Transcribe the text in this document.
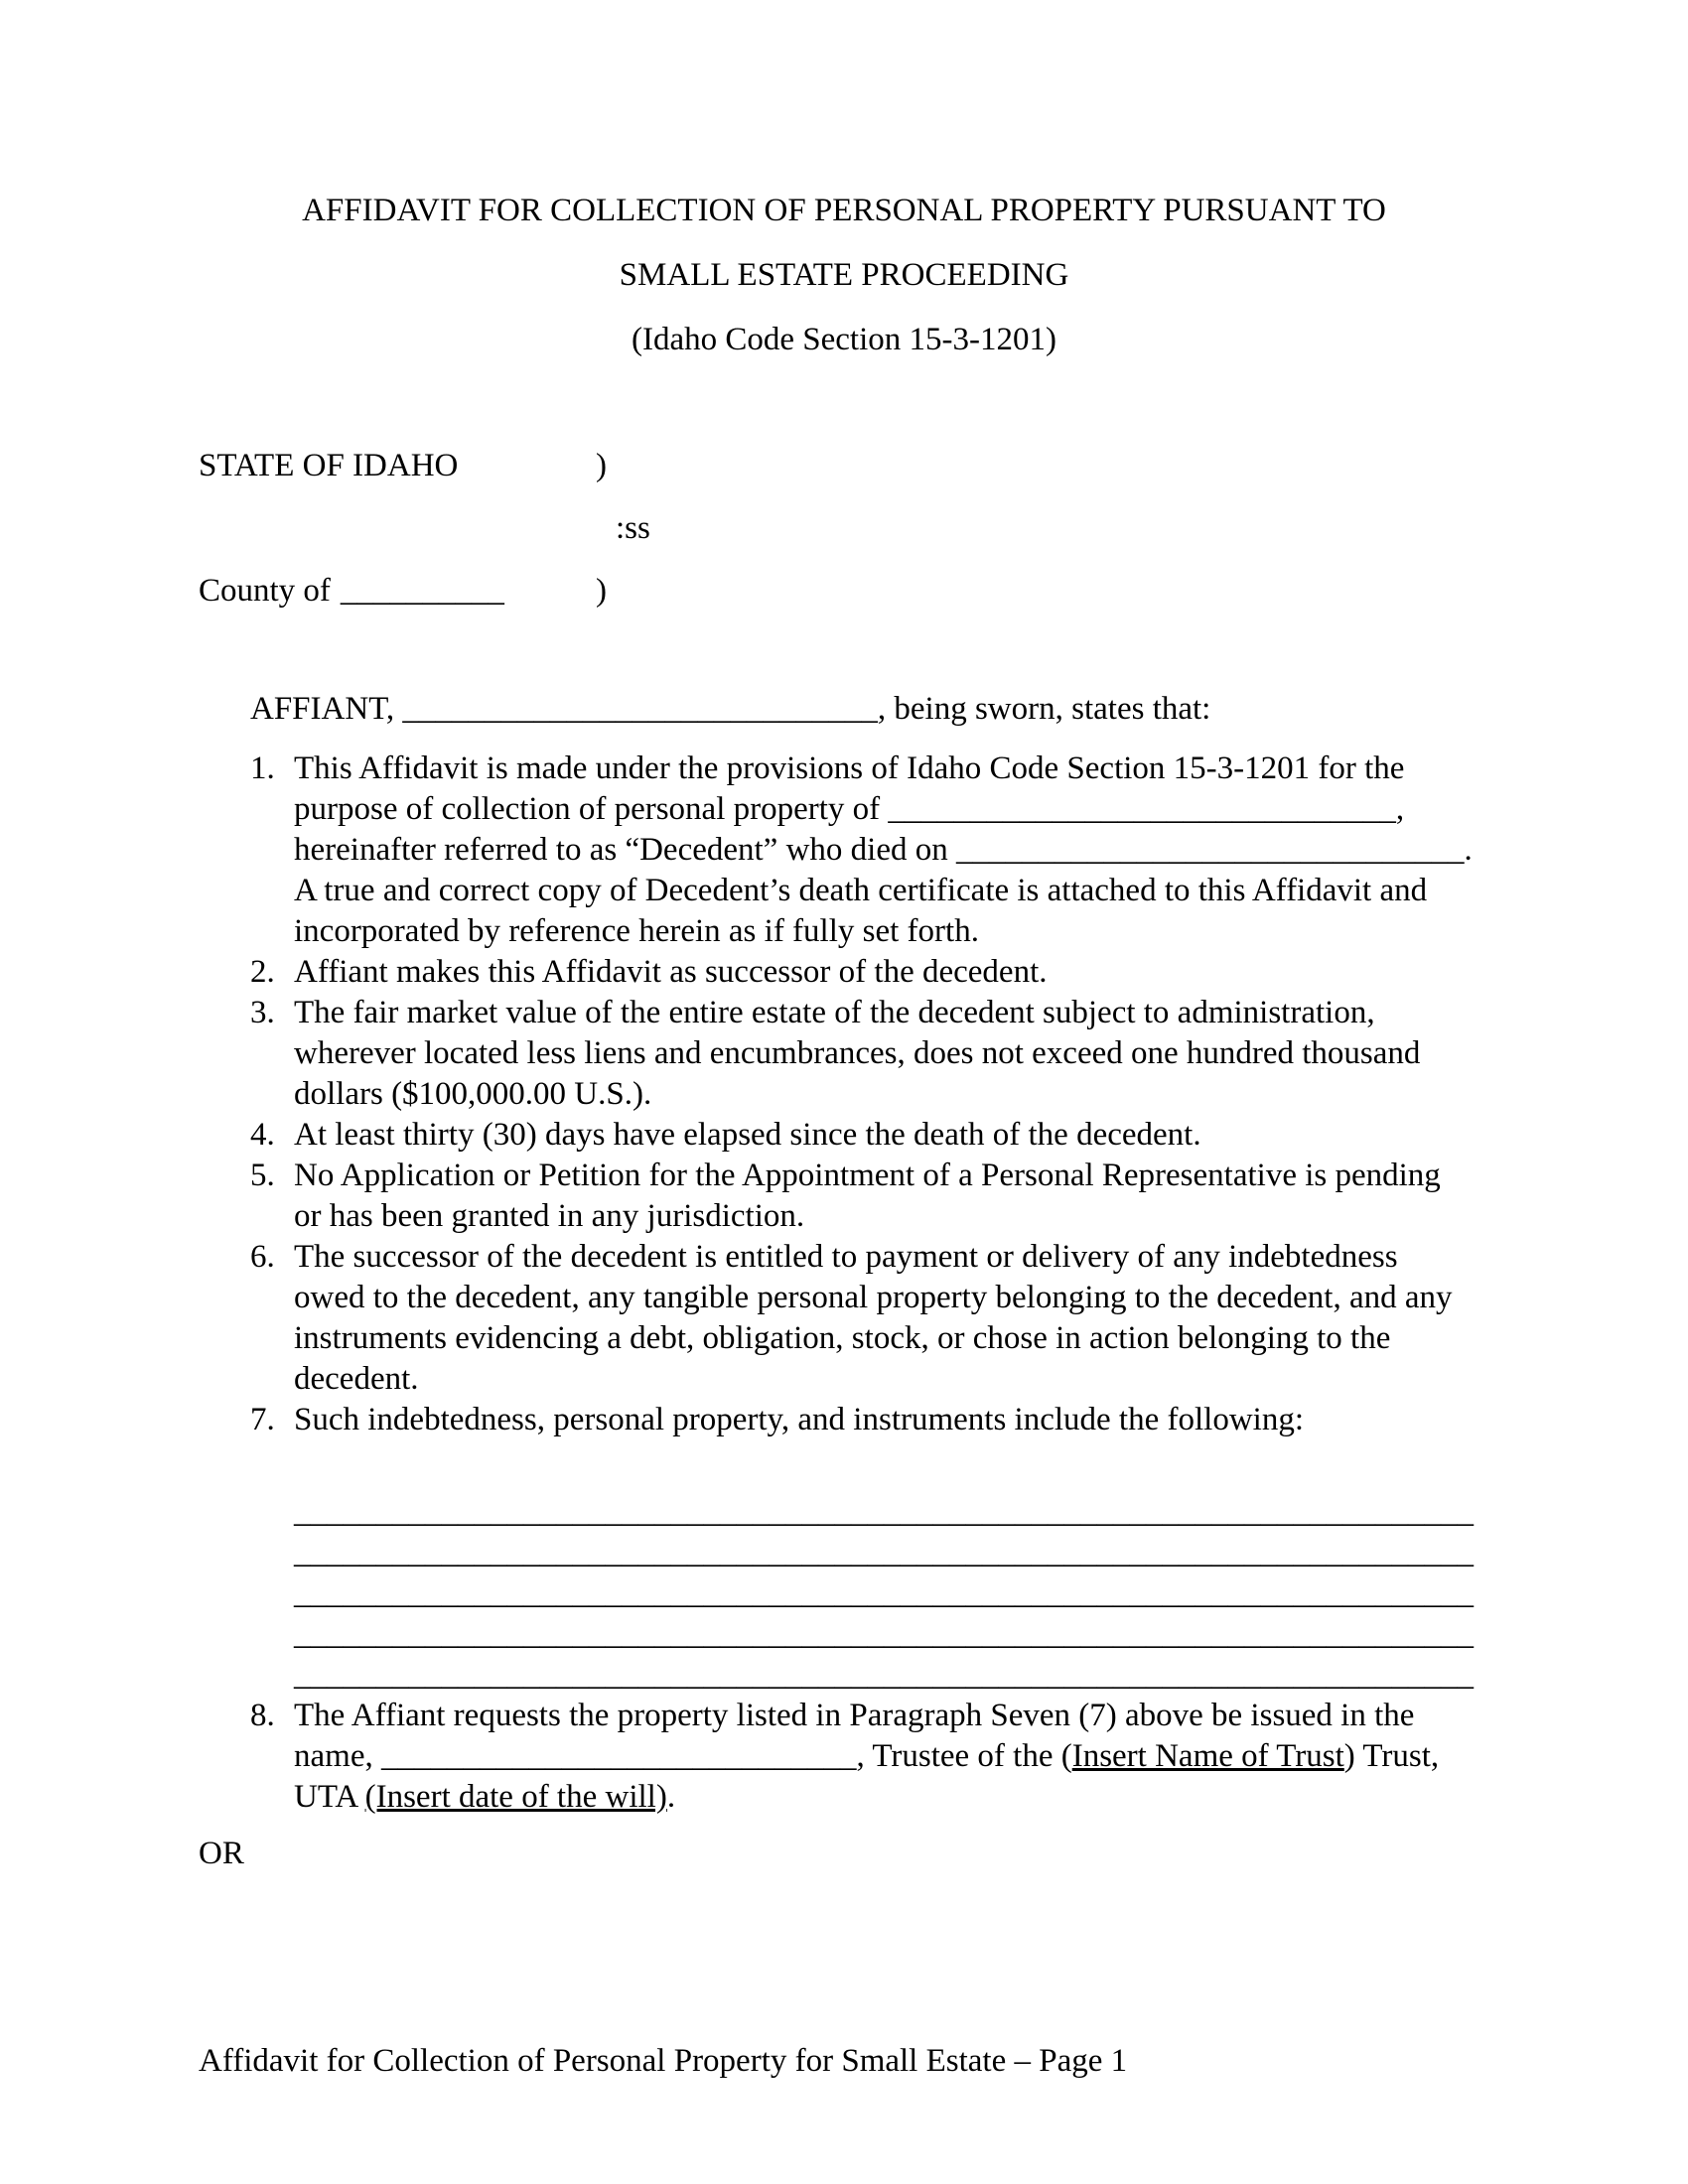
AFFIDAVIT FOR COLLECTION OF PERSONAL PROPERTY PURSUANT TO
SMALL ESTATE PROCEEDING
(Idaho Code Section 15-3-1201)
STATE OF IDAHO	)
:ss
County of __________	)
AFFIANT, _____________________________, being sworn, states that:
1. This Affidavit is made under the provisions of Idaho Code Section 15-3-1201 for the
purpose of collection of personal property of _______________________________,
hereinafter referred to as “Decedent” who died on _______________________________.
A true and correct copy of Decedent’s death certificate is attached to this Affidavit and
incorporated by reference herein as if fully set forth.
2. Affiant makes this Affidavit as successor of the decedent.
3. The fair market value of the entire estate of the decedent subject to administration,
wherever located less liens and encumbrances, does not exceed one hundred thousand
dollars ($100,000.00 U.S.).
4. At least thirty (30) days have elapsed since the death of the decedent.
5. No Application or Petition for the Appointment of a Personal Representative is pending
or has been granted in any jurisdiction.
6. The successor of the decedent is entitled to payment or delivery of any indebtedness
owed to the decedent, any tangible personal property belonging to the decedent, and any
instruments evidencing a debt, obligation, stock, or chose in action belonging to the
decedent.
7. Such indebtedness, personal property, and instruments include the following:
________________________________________________________________________
________________________________________________________________________
________________________________________________________________________
________________________________________________________________________
________________________________________________________________________
8. The Affiant requests the property listed in Paragraph Seven (7) above be issued in the
name, _____________________________, Trustee of the (Insert Name of Trust) Trust,
UTA (Insert date of the will).
OR
Affidavit for Collection of Personal Property for Small Estate – Page 1
